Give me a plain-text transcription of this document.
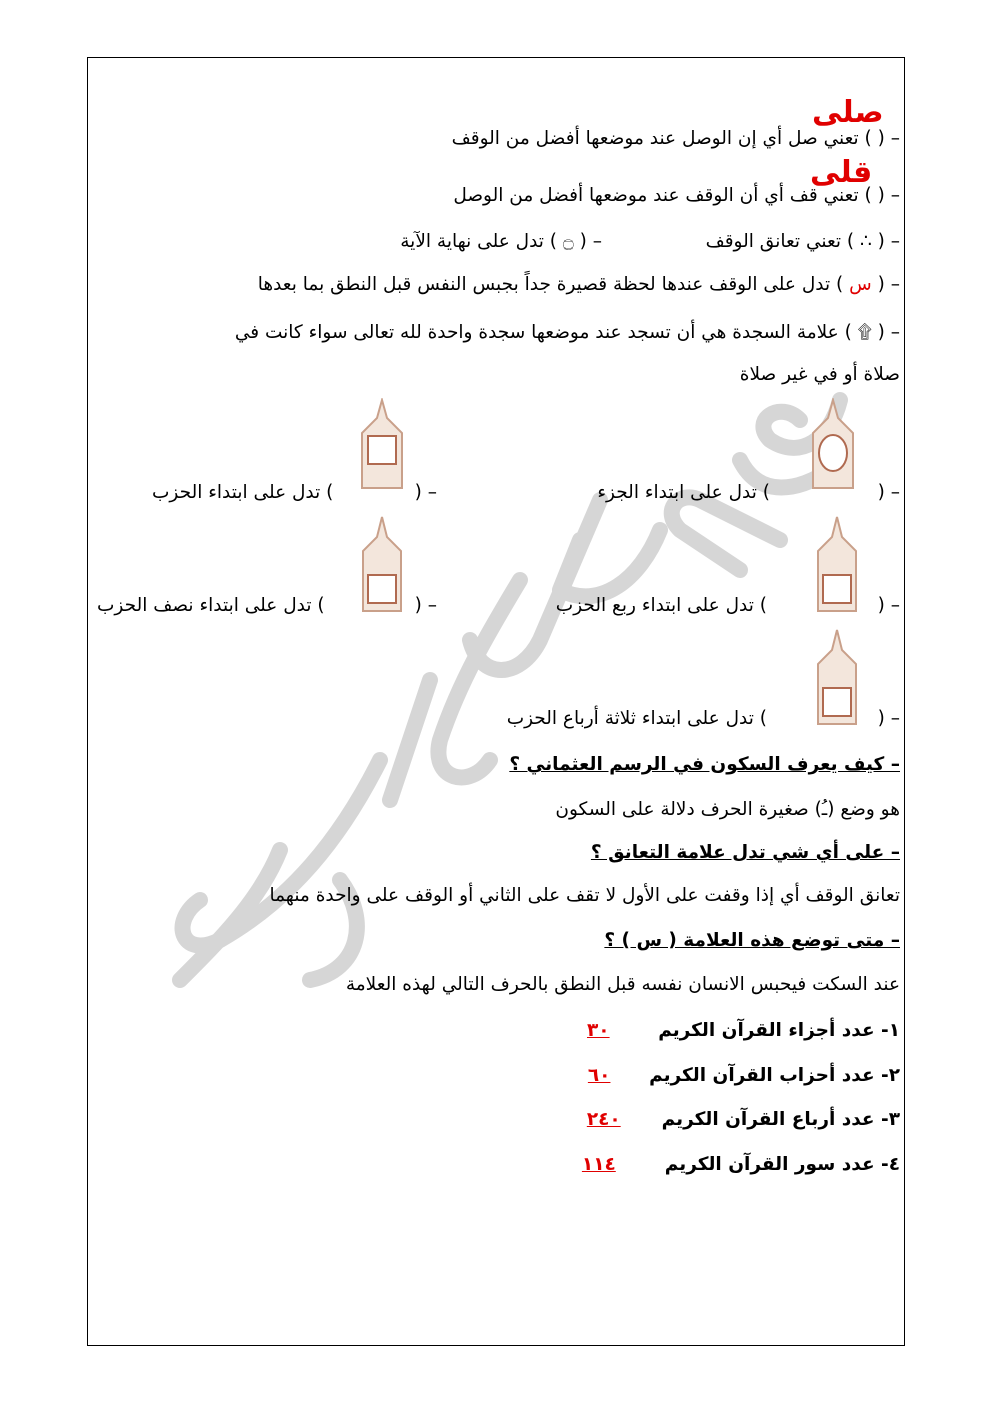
– ( ) تعني صل أي إن الوصل عند موضعها أفضل من الوقف
صلى
– ( ) تعني قف أي أن الوقف عند موضعها أفضل من الوصل
قلى
– ( ∴ ) تعني تعانق الوقف
– ( ۝ ) تدل على نهاية الآية
– ( س ) تدل على الوقف عندها لحظة قصيرة جداً بجبس النفس قبل النطق بما بعدها
– ( ۩ ) علامة السجدة هي أن تسجد عند موضعها سجدة واحدة لله تعالى سواء كانت في
صلاة أو في غير صلاة
– (
) تدل على ابتداء الجزء
– (
) تدل على ابتداء الحزب
– (
) تدل على ابتداء ربع الحزب
– (
) تدل على ابتداء نصف الحزب
– (
) تدل على ابتداء ثلاثة أرباع الحزب
– كيف يعرف السكون في الرسم العثماني ؟
هو وضع (ﹹ) صغيرة الحرف دلالة على السكون
– على أي شي تدل علامة التعانق ؟
تعانق الوقف أي إذا وقفت على الأول لا تقف على الثاني أو الوقف على واحدة منهما
– متى توضع هذه العلامة ( س ) ؟
عند السكت فيحبس الانسان نفسه قبل النطق بالحرف التالي لهذه العلامة
١- عدد أجزاء القرآن الكريم  ٣٠
٢- عدد أحزاب القرآن الكريم  ٦٠
٣- عدد أرباع القرآن الكريم  ٢٤٠
٤- عدد سور القرآن الكريم  ١١٤
